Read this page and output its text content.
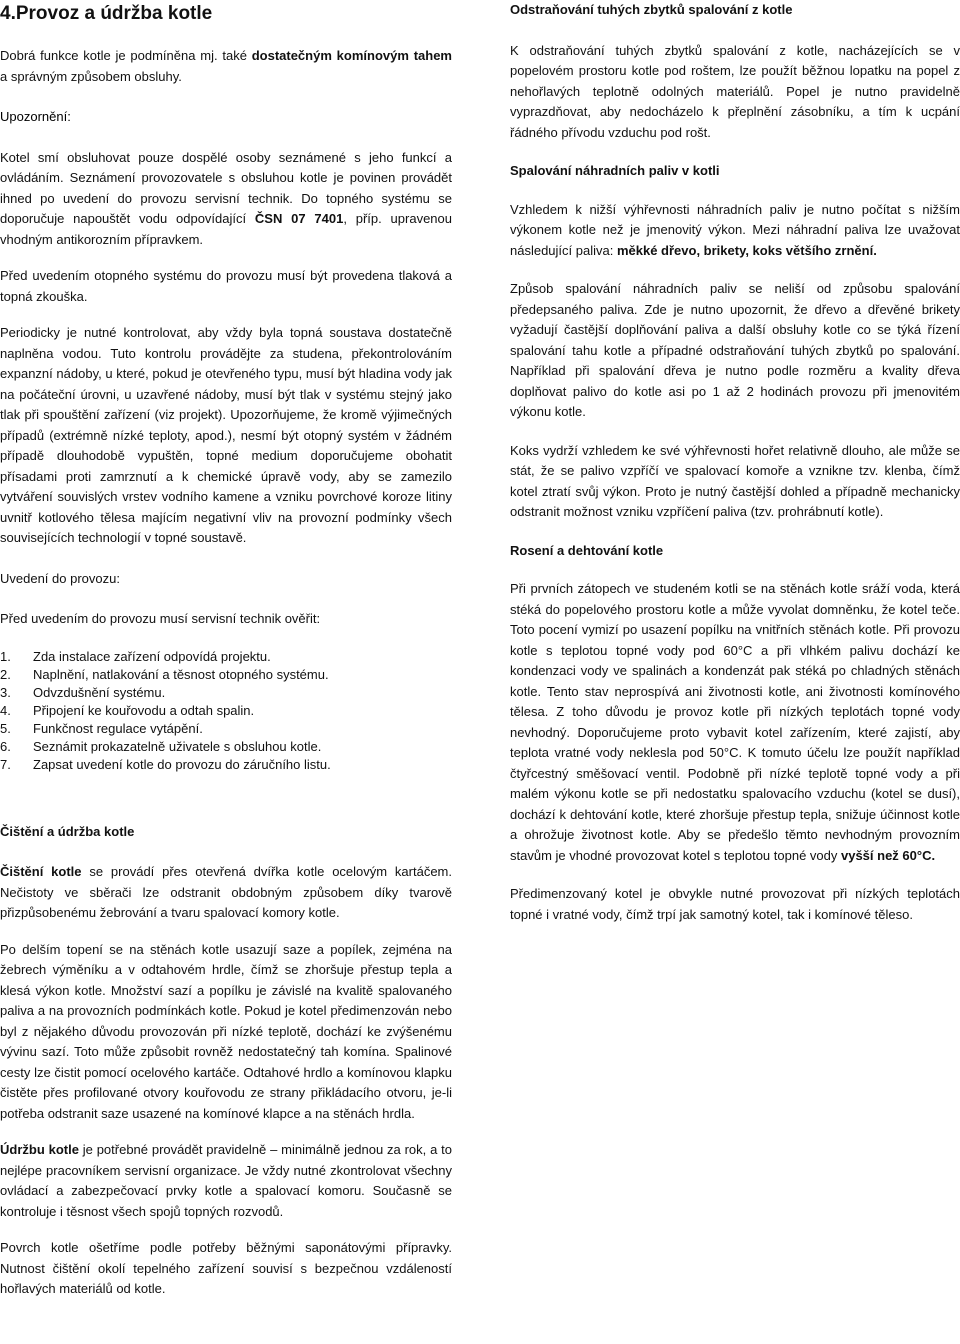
4.Provoz a údržba kotle

Dobrá funkce kotle je podmíněna mj. také dostatečným komínovým tahem a správným způsobem obsluhy.

Upozornění:

Kotel smí obsluhovat pouze dospělé osoby seznámené s jeho funkcí a ovládáním. Seznámení provozovatele s obsluhou kotle je povinen provádět ihned po uvedení do provozu servisní technik. Do topného systému se doporučuje napouštět vodu odpovídající ČSN 07 7401, příp. upravenou vhodným antikorozním přípravkem.

Před uvedením otopného systému do provozu musí být provedena tlaková a topná zkouška.

Periodicky je nutné kontrolovat, aby vždy byla topná soustava dostatečně naplněna vodou. Tuto kontrolu provádějte za studena, překontrolováním expanzní nádoby, u které, pokud je otevřeného typu, musí být hladina vody jak na počáteční úrovni, u uzavřené nádoby, musí být tlak v systému stejný jako tlak při spouštění zařízení (viz projekt). Upozorňujeme, že kromě výjimečných případů (extrémně nízké teploty, apod.), nesmí být otopný systém v žádném případě dlouhodobě vypuštěn, topné medium doporučujeme obohatit přísadami proti zamrznutí a k chemické úpravě vody, aby se zamezilo vytváření souvislých vrstev vodního kamene a vzniku povrchové koroze litiny uvnitř kotlového tělesa majícím negativní vliv na provozní podmínky všech souvisejících technologií v topné soustavě.

Uvedení do provozu:

Před uvedením do provozu musí servisní technik ověřit:

1. Zda instalace zařízení odpovídá projektu.
2. Naplnění, natlakování a těsnost otopného systému.
3. Odvzdušnění systému.
4. Připojení ke kouřovodu a odtah spalin.
5. Funkčnost regulace vytápění.
6. Seznámit prokazatelně uživatele s obsluhou kotle.
7. Zapsat uvedení kotle do provozu do záručního listu.

Čištění a údržba kotle

Čištění kotle se provádí přes otevřená dvířka kotle ocelovým kartáčem. Nečistoty ve sběrači lze odstranit obdobným způsobem díky tvarově přizpůsobenému žebrování a tvaru spalovací komory kotle.

Po delším topení se na stěnách kotle usazují saze a popílek, zejména na žebrech výměníku a v odtahovém hrdle, čímž se zhoršuje přestup tepla a klesá výkon kotle. Množství sazí a popílku je závislé na kvalitě spalovaného paliva a na provozních podmínkách kotle. Pokud je kotel předimenzován nebo byl z nějakého důvodu provozován při nízké teplotě, dochází ke zvýšenému vývinu sazí. Toto může způsobit rovněž nedostatečný tah komína. Spalinové cesty lze čistit pomocí ocelového kartáče. Odtahové hrdlo a komínovou klapku čistěte přes profilované otvory kouřovodu ze strany přikládacího otvoru, je-li potřeba odstranit saze usazené na komínové klapce a na stěnách hrdla.

Údržbu kotle je potřebné provádět pravidelně – minimálně jednou za rok, a to nejlépe pracovníkem servisní organizace. Je vždy nutné zkontrolovat všechny ovládací a zabezpečovací prvky kotle a spalovací komoru. Současně se kontroluje i těsnost všech spojů topných rozvodů.

Povrch kotle ošetříme podle potřeby běžnými saponátovými přípravky. Nutnost čištění okolí tepelného zařízení souvisí s bezpečnou vzdáleností hořlavých materiálů od kotle.

Odstraňování tuhých zbytků spalování z kotle

K odstraňování tuhých zbytků spalování z kotle, nacházejících se v popelovém prostoru kotle pod roštem, lze použít běžnou lopatku na popel z nehořlavých teplotně odolných materiálů. Popel je nutno pravidelně vyprazdňovat, aby nedocházelo k přeplnění zásobníku, a tím k ucpání řádného přívodu vzduchu pod rošt.

Spalování náhradních paliv v kotli

Vzhledem k nižší výhřevnosti náhradních paliv je nutno počítat s nižším výkonem kotle než je jmenovitý výkon. Mezi náhradní paliva lze uvažovat následující paliva: měkké dřevo, brikety, koks většího zrnění.

Způsob spalování náhradních paliv se neliší od způsobu spalování předepsaného paliva. Zde je nutno upozornit, že dřevo a dřevěné brikety vyžadují častější doplňování paliva a další obsluhy kotle co se týká řízení spalování tahu kotle a případné odstraňování tuhých zbytků po spalování. Například při spalování dřeva je nutno podle rozměru a kvality dřeva doplňovat palivo do kotle asi po 1 až 2 hodinách provozu při jmenovitém výkonu kotle.

Koks vydrží vzhledem ke své výhřevnosti hořet relativně dlouho, ale může se stát, že se palivo vzpříčí ve spalovací komoře a vznikne tzv. klenba, čímž kotel ztratí svůj výkon. Proto je nutný častější dohled a případně mechanicky odstranit možnost vzniku vzpříčení paliva (tzv. prohrábnutí kotle).

Rosení a dehtování kotle

Při prvních zátopech ve studeném kotli se na stěnách kotle sráží voda, která stéká do popelového prostoru kotle a může vyvolat domněnku, že kotel teče. Toto pocení vymizí po usazení popílku na vnitřních stěnách kotle. Při provozu kotle s teplotou topné vody pod 60°C a při vlhkém palivu dochází ke kondenzaci vody ve spalinách a kondenzát pak stéká po chladných stěnách kotle. Tento stav neprospívá ani životnosti kotle, ani životnosti komínového tělesa. Z toho důvodu je provoz kotle při nízkých teplotách topné vody nevhodný. Doporučujeme proto vybavit kotel zařízením, které zajistí, aby teplota vratné vody neklesla pod 50°C. K tomuto účelu lze použít například čtyřcestný směšovací ventil. Podobně při nízké teplotě topné vody a při malém výkonu kotle se při nedostatku spalovacího vzduchu (kotel se dusí), dochází k dehtování kotle, které zhoršuje přestup tepla, snižuje účinnost kotle a ohrožuje životnost kotle. Aby se předešlo těmto nevhodným provozním stavům je vhodné provozovat kotel s teplotou topné vody vyšší než 60°C.

Předimenzovaný kotel je obvykle nutné provozovat při nízkých teplotách topné i vratné vody, čímž trpí jak samotný kotel, tak i komínové těleso.
